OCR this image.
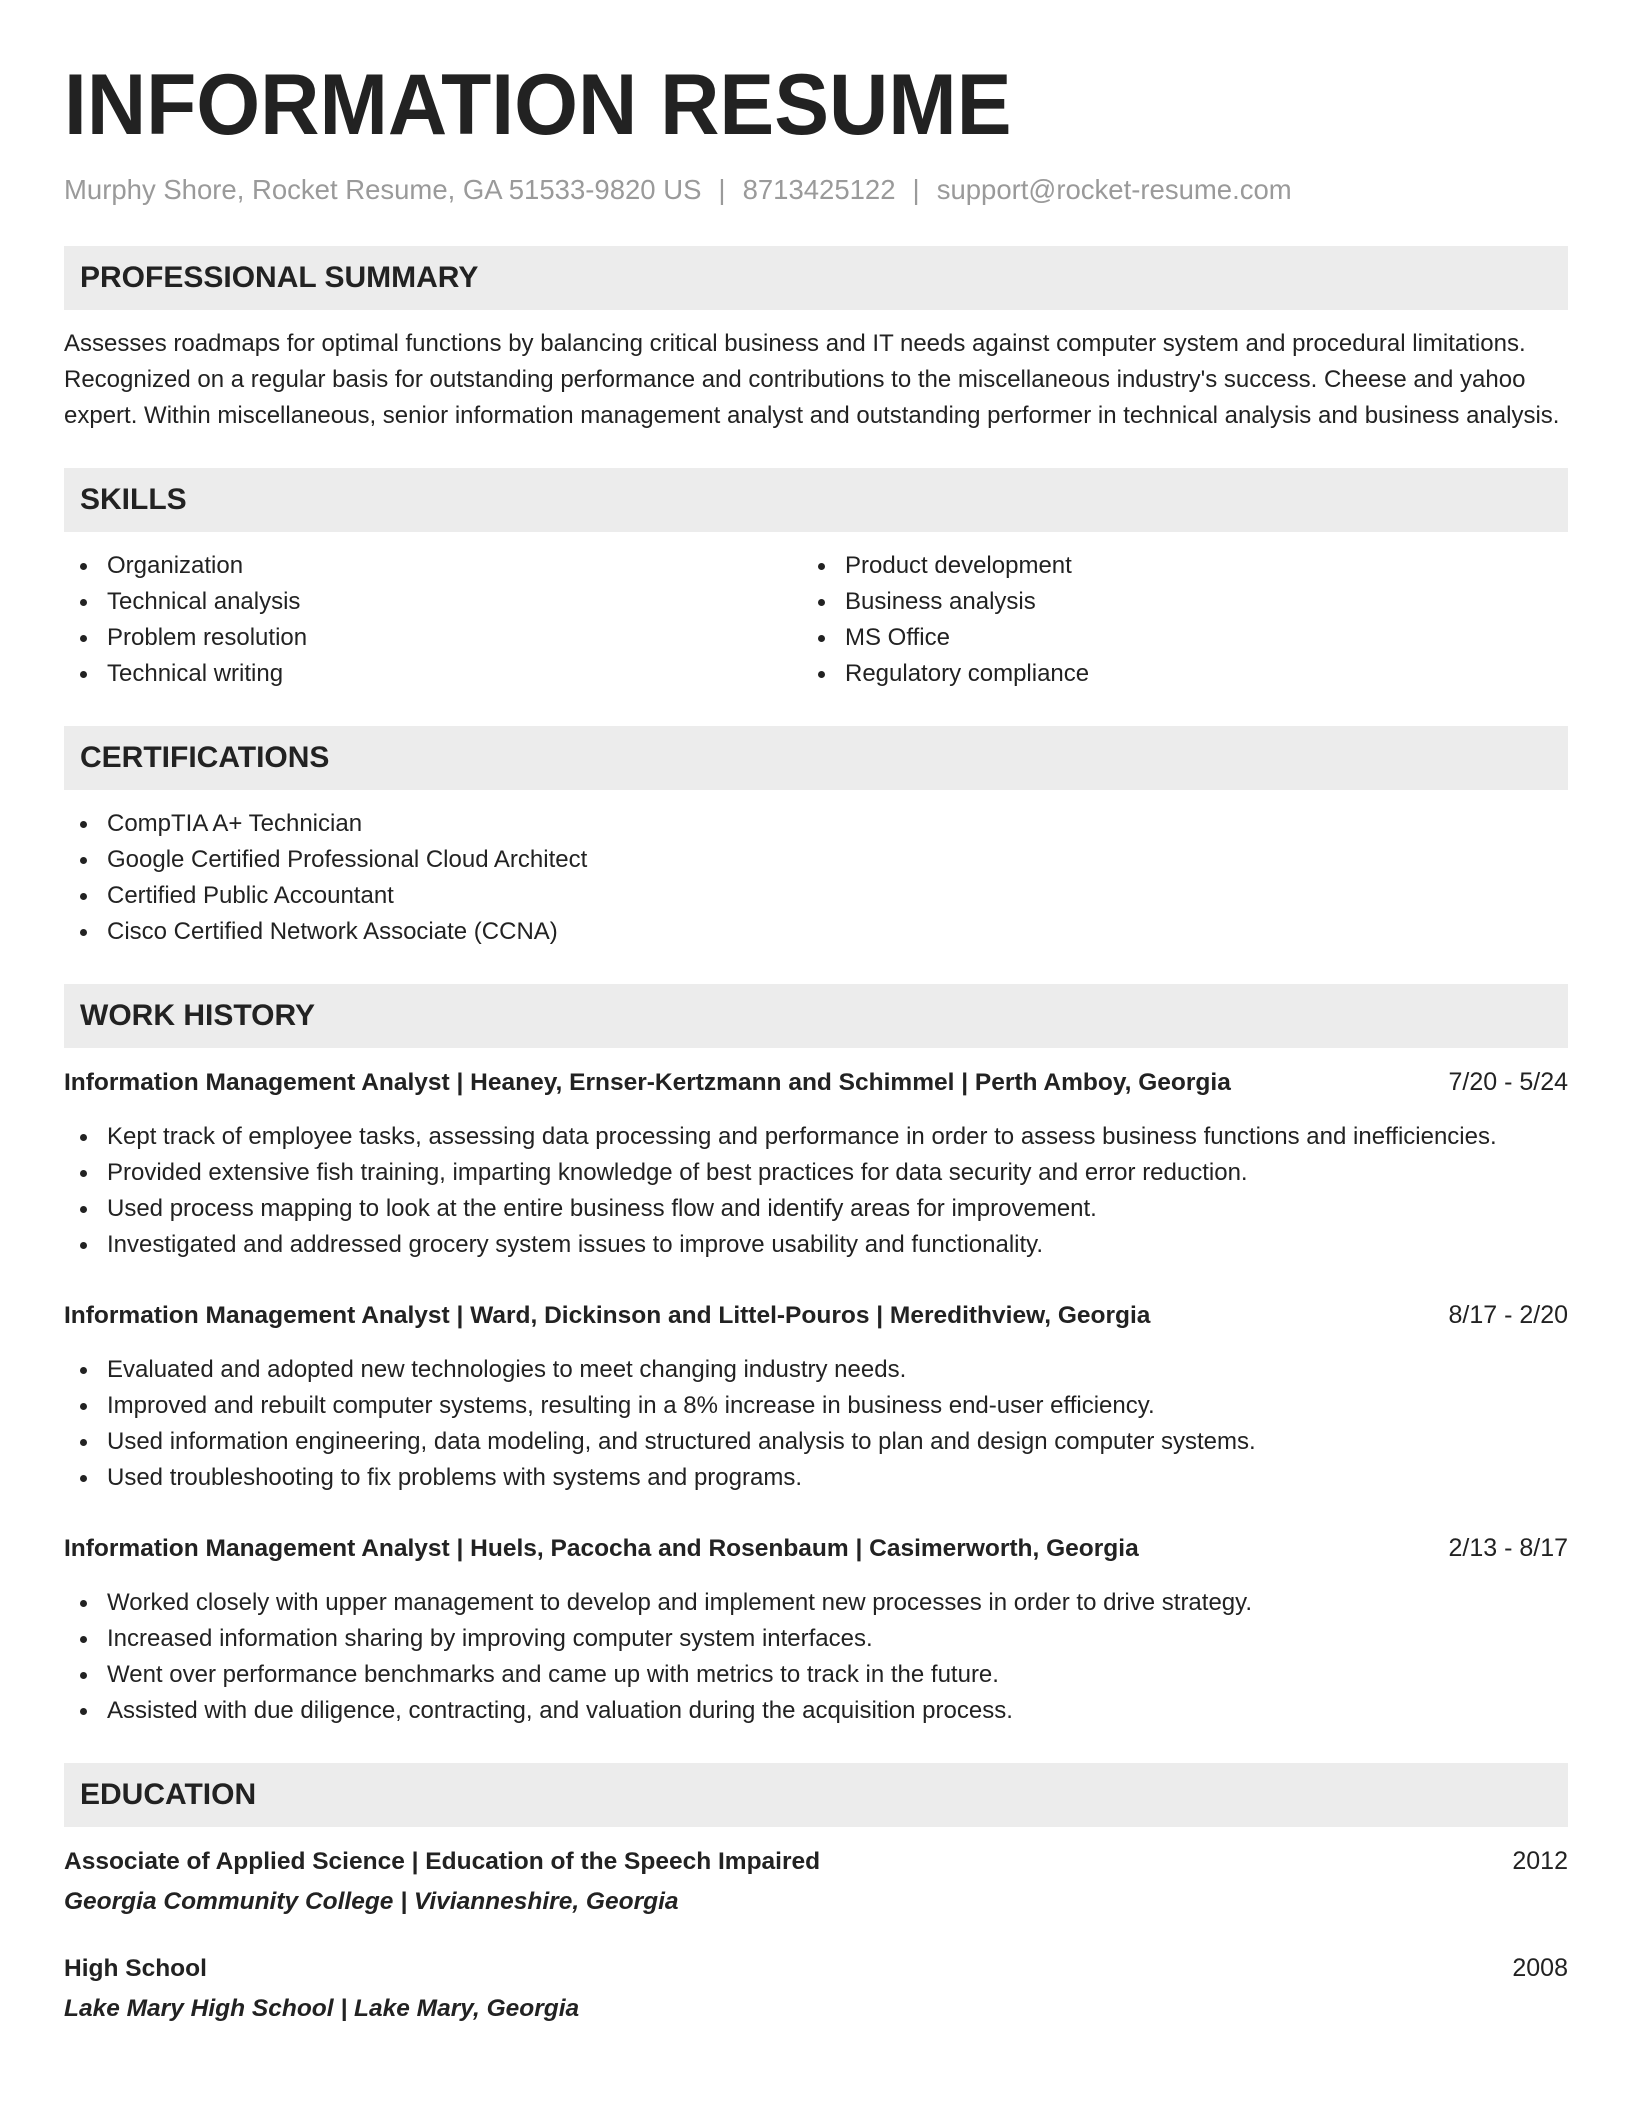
INFORMATION RESUME
Murphy Shore, Rocket Resume, GA 51533-9820 US | 8713425122 | support@rocket-resume.com
PROFESSIONAL SUMMARY
Assesses roadmaps for optimal functions by balancing critical business and IT needs against computer system and procedural limitations. Recognized on a regular basis for outstanding performance and contributions to the miscellaneous industry's success. Cheese and yahoo expert. Within miscellaneous, senior information management analyst and outstanding performer in technical analysis and business analysis.
SKILLS
Organization
Technical analysis
Problem resolution
Technical writing
Product development
Business analysis
MS Office
Regulatory compliance
CERTIFICATIONS
CompTIA A+ Technician
Google Certified Professional Cloud Architect
Certified Public Accountant
Cisco Certified Network Associate (CCNA)
WORK HISTORY
Information Management Analyst | Heaney, Ernser-Kertzmann and Schimmel | Perth Amboy, Georgia	7/20 - 5/24
Kept track of employee tasks, assessing data processing and performance in order to assess business functions and inefficiencies.
Provided extensive fish training, imparting knowledge of best practices for data security and error reduction.
Used process mapping to look at the entire business flow and identify areas for improvement.
Investigated and addressed grocery system issues to improve usability and functionality.
Information Management Analyst | Ward, Dickinson and Littel-Pouros | Meredithview, Georgia	8/17 - 2/20
Evaluated and adopted new technologies to meet changing industry needs.
Improved and rebuilt computer systems, resulting in a 8% increase in business end-user efficiency.
Used information engineering, data modeling, and structured analysis to plan and design computer systems.
Used troubleshooting to fix problems with systems and programs.
Information Management Analyst | Huels, Pacocha and Rosenbaum | Casimerworth, Georgia	2/13 - 8/17
Worked closely with upper management to develop and implement new processes in order to drive strategy.
Increased information sharing by improving computer system interfaces.
Went over performance benchmarks and came up with metrics to track in the future.
Assisted with due diligence, contracting, and valuation during the acquisition process.
EDUCATION
Associate of Applied Science | Education of the Speech Impaired	2012
Georgia Community College | Vivianneshire, Georgia
High School	2008
Lake Mary High School | Lake Mary, Georgia
